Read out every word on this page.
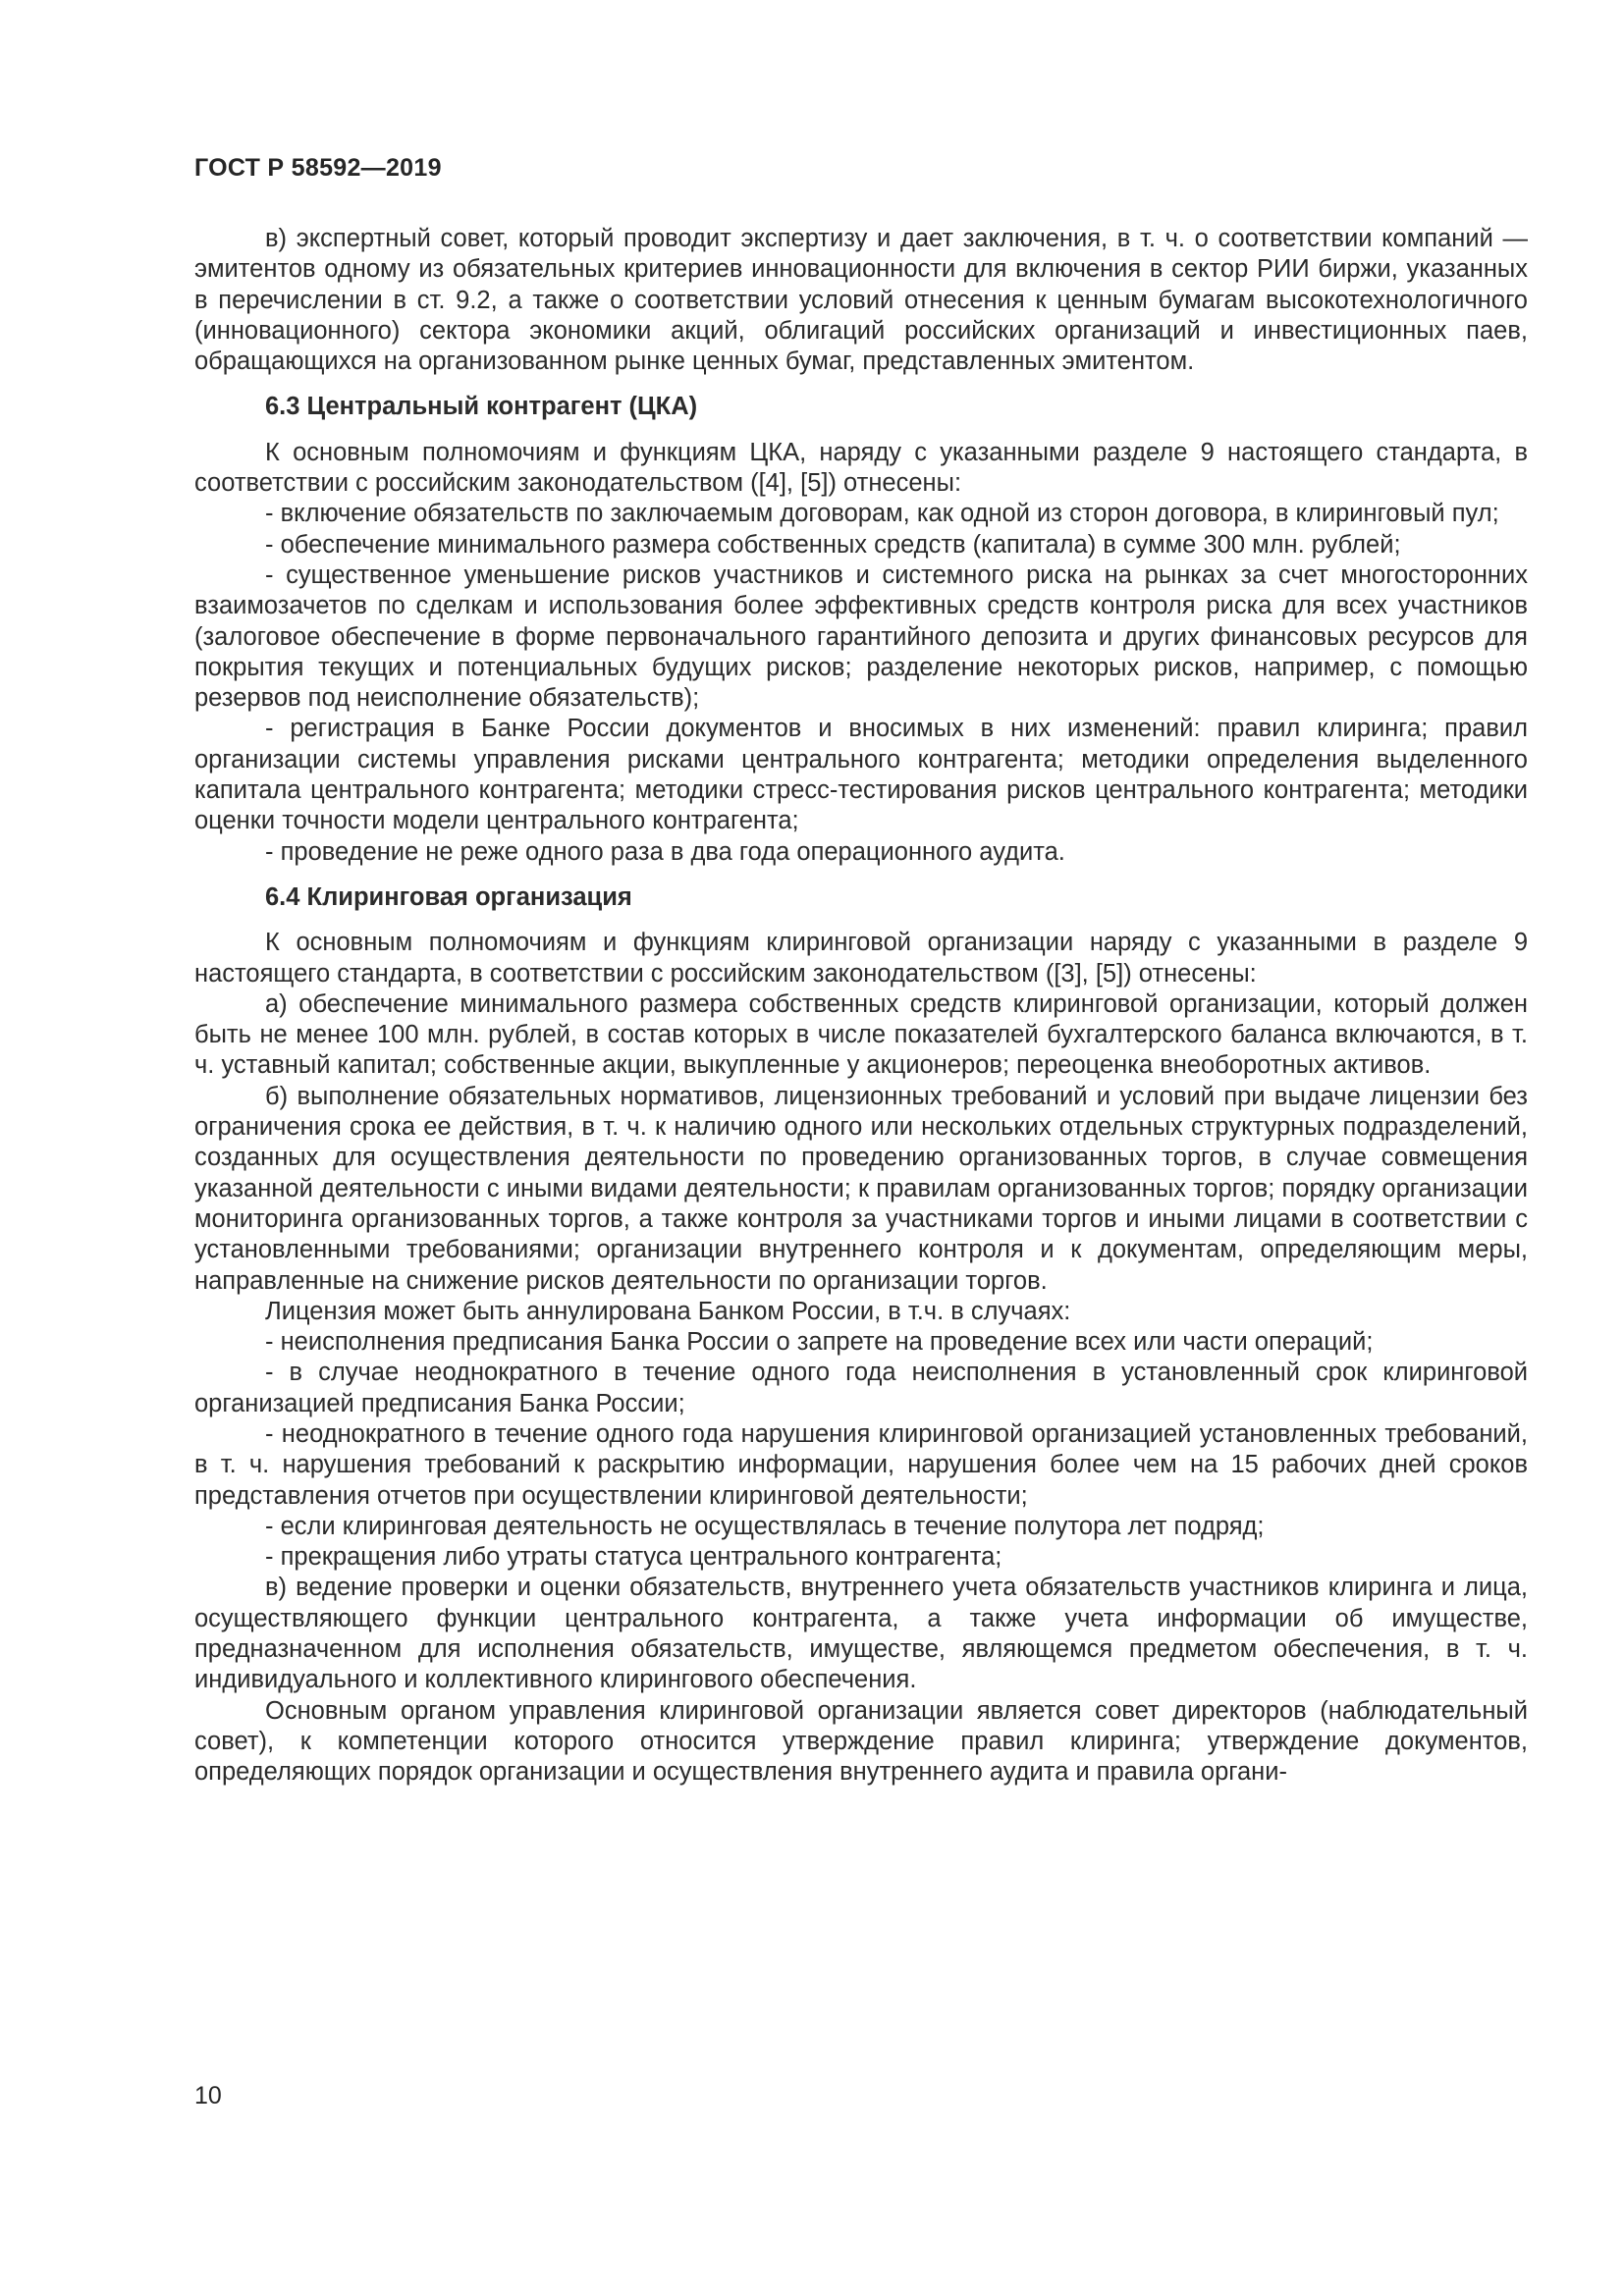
ГОСТ Р 58592—2019

в) экспертный совет, который проводит экспертизу и дает заключения, в т. ч. о соответствии компаний — эмитентов одному из обязательных критериев инновационности для включения в сектор РИИ биржи, указанных в перечислении в ст. 9.2, а также о соответствии условий отнесения к ценным бумагам высокотехнологичного (инновационного) сектора экономики акций, облигаций российских организаций и инвестиционных паев, обращающихся на организованном рынке ценных бумаг, представленных эмитентом.

6.3 Центральный контрагент (ЦКА)

К основным полномочиям и функциям ЦКА, наряду с указанными разделе 9 настоящего стандарта, в соответствии с российским законодательством ([4], [5]) отнесены:

- включение обязательств по заключаемым договорам, как одной из сторон договора, в клиринговый пул;

- обеспечение минимального размера собственных средств (капитала) в сумме 300 млн. рублей;

- существенное уменьшение рисков участников и системного риска на рынках за счет многосторонних взаимозачетов по сделкам и использования более эффективных средств контроля риска для всех участников (залоговое обеспечение в форме первоначального гарантийного депозита и других финансовых ресурсов для покрытия текущих и потенциальных будущих рисков; разделение некоторых рисков, например, с помощью резервов под неисполнение обязательств);

- регистрация в Банке России документов и вносимых в них изменений: правил клиринга; правил организации системы управления рисками центрального контрагента; методики определения выделенного капитала центрального контрагента; методики стресс-тестирования рисков центрального контрагента; методики оценки точности модели центрального контрагента;

- проведение не реже одного раза в два года операционного аудита.

6.4 Клиринговая организация

К основным полномочиям и функциям клиринговой организации наряду с указанными в разделе 9 настоящего стандарта, в соответствии с российским законодательством ([3], [5]) отнесены:

а) обеспечение минимального размера собственных средств клиринговой организации, который должен быть не менее 100 млн. рублей, в состав которых в числе показателей бухгалтерского баланса включаются, в т. ч. уставный капитал; собственные акции, выкупленные у акционеров; переоценка внеоборотных активов.

б) выполнение обязательных нормативов, лицензионных требований и условий при выдаче лицензии без ограничения срока ее действия, в т. ч. к наличию одного или нескольких отдельных структурных подразделений, созданных для осуществления деятельности по проведению организованных торгов, в случае совмещения указанной деятельности с иными видами деятельности; к правилам организованных торгов; порядку организации мониторинга организованных торгов, а также контроля за участниками торгов и иными лицами в соответствии с установленными требованиями; организации внутреннего контроля и к документам, определяющим меры, направленные на снижение рисков деятельности по организации торгов.

Лицензия может быть аннулирована Банком России, в т.ч. в случаях:

- неисполнения предписания Банка России о запрете на проведение всех или части операций;

- в случае неоднократного в течение одного года неисполнения в установленный срок клиринговой организацией предписания Банка России;

- неоднократного в течение одного года нарушения клиринговой организацией установленных требований, в т. ч. нарушения требований к раскрытию информации, нарушения более чем на 15 рабочих дней сроков представления отчетов при осуществлении клиринговой деятельности;

- если клиринговая деятельность не осуществлялась в течение полутора лет подряд;

- прекращения либо утраты статуса центрального контрагента;

в) ведение проверки и оценки обязательств, внутреннего учета обязательств участников клиринга и лица, осуществляющего функции центрального контрагента, а также учета информации об имуществе, предназначенном для исполнения обязательств, имуществе, являющемся предметом обеспечения, в т. ч. индивидуального и коллективного клирингового обеспечения.

Основным органом управления клиринговой организации является совет директоров (наблюдательный совет), к компетенции которого относится утверждение правил клиринга; утверждение документов, определяющих порядок организации и осуществления внутреннего аудита и правила органи-

10
